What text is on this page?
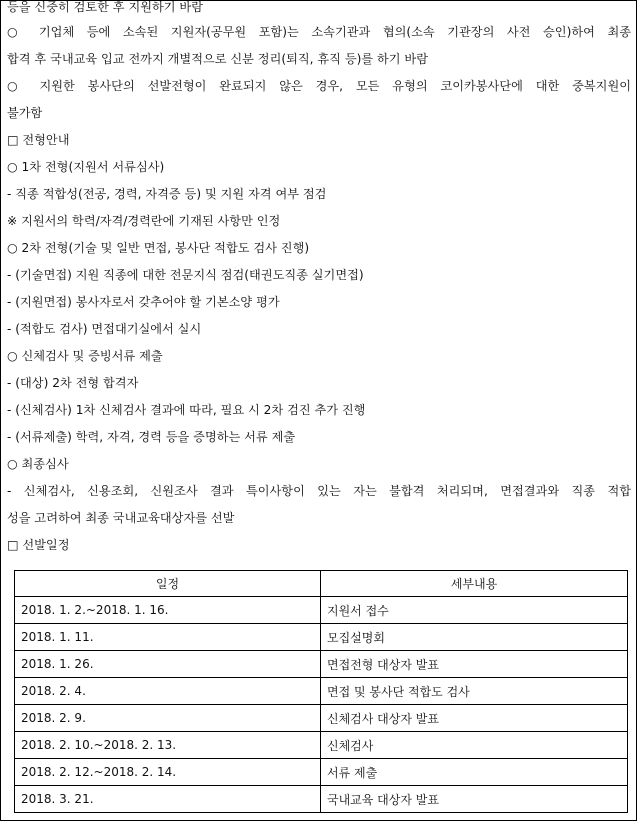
등을 신중히 검토한 후 지원하기 바람
○ 기업체 등에 소속된 지원자(공무원 포함)는 소속기관과 협의(소속 기관장의 사전 승인)하여 최종
합격 후 국내교육 입교 전까지 개별적으로 신분 정리(퇴직, 휴직 등)를 하기 바람
○ 지원한 봉사단의 선발전형이 완료되지 않은 경우, 모든 유형의 코이카봉사단에 대한 중복지원이
불가함
□ 전형안내
○ 1차 전형(지원서 서류심사)
- 직종 적합성(전공, 경력, 자격증 등) 및 지원 자격 여부 점검
※ 지원서의 학력/자격/경력란에 기재된 사항만 인정
○ 2차 전형(기술 및 일반 면접, 봉사단 적합도 검사 진행)
- (기술면접) 지원 직종에 대한 전문지식 점검(태권도직종 실기면접)
- (지원면접) 봉사자로서 갖추어야 할 기본소양 평가
- (적합도 검사) 면접대기실에서 실시
○ 신체검사 및 증빙서류 제출
- (대상) 2차 전형 합격자
- (신체검사) 1차 신체검사 결과에 따라, 필요 시 2차 검진 추가 진행
- (서류제출) 학력, 자격, 경력 등을 증명하는 서류 제출
○ 최종심사
- 신체검사, 신용조회, 신원조사 결과 특이사항이 있는 자는 불합격 처리되며, 면접결과와 직종 적합
성을 고려하여 최종 국내교육대상자를 선발
□ 선발일정
일정	세부내용
2018. 1. 2.~2018. 1. 16.	지원서 접수
2018. 1. 11.	모집설명회
2018. 1. 26.	면접전형 대상자 발표
2018. 2. 4.	면접 및 봉사단 적합도 검사
2018. 2. 9.	신체검사 대상자 발표
2018. 2. 10.~2018. 2. 13.	신체검사
2018. 2. 12.~2018. 2. 14.	서류 제출
2018. 3. 21.	국내교육 대상자 발표
